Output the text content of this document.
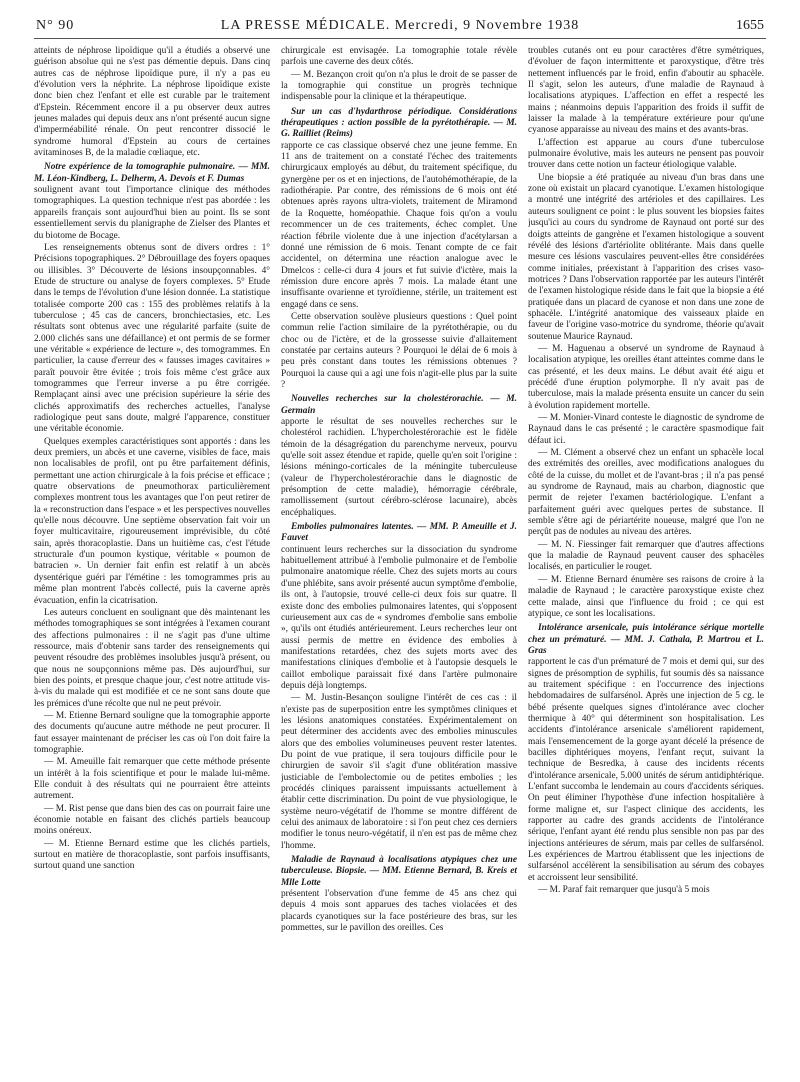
N° 90	LA PRESSE MÉDICALE. Mercredi, 9 Novembre 1938	1655

atteints de néphrose lipoïdique qu'il a étudiés a observé une guérison absolue qui ne s'est pas démentie depuis. Dans cinq autres cas de néphrose lipoïdique pure, il n'y a pas eu d'évolution vers la néphrite. La néphrose lipoïdique existe donc bien chez l'enfant et elle est curable par le traitement d'Epstein. Récemment encore il a pu observer deux autres jeunes malades qui depuis deux ans n'ont présenté aucun signe d'imperméabilité rénale. On peut rencontrer dissocié le syndrome humoral d'Epstein au cours de certaines avitaminoses B, de la maladie cœliaque, etc.

Notre expérience de la tomographie pulmonaire. — MM. M. Léon-Kindberg, L. Delherm, A. Devois et F. Dumas

soulignent avant tout l'importance clinique des méthodes tomographiques. La question technique n'est pas abordée : les appareils français sont aujourd'hui bien au point. Ils se sont essentiellement servis du planigraphe de Zielser des Plantes et du biotome de Bocage.

Les renseignements obtenus sont de divers ordres : 1° Précisions topographiques. 2° Débrouillage des foyers opaques ou illisibles. 3° Découverte de lésions insoupçonnables. 4° Etude de structure ou analyse de foyers complexes. 5° Etude dans le temps de l'évolution d'une lésion donnée. La statistique totalisée comporte 200 cas : 155 des problèmes relatifs à la tuberculose ; 45 cas de cancers, bronchiectasies, etc. Les résultats sont obtenus avec une régularité parfaite (suite de 2.000 clichés sans une défaillance) et ont permis de se former une véritable « expérience de lecture », des tomogrammes. En particulier, la cause d'erreur des « fausses images cavitaires » paraît pouvoir être évitée ; trois fois même c'est grâce aux tomogrammes que l'erreur inverse a pu être corrigée. Remplaçant ainsi avec une précision supérieure la série des clichés approximatifs des recherches actuelles, l'analyse radiologique peut sans doute, malgré l'apparence, constituer une véritable économie.

Quelques exemples caractéristiques sont apportés : dans les deux premiers, un abcès et une caverne, visibles de face, mais non localisables de profil, ont pu être parfaitement définis, permettant une action chirurgicale à la fois précise et efficace ; quatre observations de pneumothorax particulièrement complexes montrent tous les avantages que l'on peut retirer de la « reconstruction dans l'espace » et les perspectives nouvelles qu'elle nous découvre. Une septième observation fait voir un foyer multicavitaire, rigoureusement imprévisible, du côté sain, après thoracoplastie. Dans un huitième cas, c'est l'étude structurale d'un poumon kystique, véritable « poumon de batracien ». Un dernier fait enfin est relatif à un abcès dysentérique guéri par l'émétine : les tomogrammes pris au même plan montrent l'abcès collecté, puis la caverne après évacuation, enfin la cicatrisation.

Les auteurs concluent en soulignant que dès maintenant les méthodes tomographiques se sont intégrées à l'examen courant des affections pulmonaires : il ne s'agit pas d'une ultime ressource, mais d'obtenir sans tarder des renseignements qui peuvent résoudre des problèmes insolubles jusqu'à présent, ou que nous ne soupçonnions même pas. Dès aujourd'hui, sur bien des points, et presque chaque jour, c'est notre attitude vis-à-vis du malade qui est modifiée et ce ne sont sans doute que les prémices d'une récolte que nul ne peut prévoir.

— M. Etienne Bernard souligne que la tomographie apporte des documents qu'aucune autre méthode ne peut procurer. Il faut essayer maintenant de préciser les cas où l'on doit faire la tomographie.

— M. Ameuille fait remarquer que cette méthode présente un intérêt à la fois scientifique et pour le malade lui-même. Elle conduit à des résultats qui ne pourraient être atteints autrement.

— M. Rist pense que dans bien des cas on pourrait faire une économie notable en faisant des clichés partiels beaucoup moins onéreux.

— M. Etienne Bernard estime que les clichés partiels, surtout en matière de thoracoplastie, sont parfois insuffisants, surtout quand une sanction

chirurgicale est envisagée. La tomographie totale révèle parfois une caverne des deux côtés.

— M. Bezançon croit qu'on n'a plus le droit de se passer de la tomographie qui constitue un progrès technique indispensable pour la clinique et la thérapeutique.

Sur un cas d'hydarthrose périodique. Considérations thérapeutiques : action possible de la pyrétothérapie. — M. G. Railliet (Reims)

rapporte ce cas classique observé chez une jeune femme. En 11 ans de traitement on a constaté l'échec des traitements chirurgicaux employés au début, du traitement spécifique, du gynergène per os et en injections, de l'autohémothérapie, de la radiothérapie. Par contre, des rémissions de 6 mois ont été obtenues après rayons ultra-violets, traitement de Miramond de la Roquette, homéopathie. Chaque fois qu'on a voulu recommencer un de ces traitements, échec complet. Une réaction fébrile violente due à une injection d'acétylarsan a donné une rémission de 6 mois. Tenant compte de ce fait accidentel, on détermina une réaction analogue avec le Dmelcos : celle-ci dura 4 jours et fut suivie d'ictère, mais la rémission dure encore après 7 mois. La malade étant une insuffisante ovarienne et tyroïdienne, stérile, un traitement est engagé dans ce sens.

Cette observation soulève plusieurs questions : Quel point commun relie l'action similaire de la pyrétothérapie, ou du choc ou de l'ictère, et de la grossesse suivie d'allaitement constatée par certains auteurs ? Pourquoi le délai de 6 mois à peu près constant dans toutes les rémissions obtenues ? Pourquoi la cause qui a agi une fois n'agit-elle plus par la suite ?

Nouvelles recherches sur la cholestérorachie. — M. Germain

apporte le résultat de ses nouvelles recherches sur le cholestérol rachidien. L'hypercholestérorachie est le fidèle témoin de la désagrégation du parenchyme nerveux, pourvu qu'elle soit assez étendue et rapide, quelle qu'en soit l'origine : lésions méningo-corticales de la méningite tuberculeuse (valeur de l'hypercholestérorachie dans le diagnostic de présomption de cette maladie), hémorragie cérébrale, ramollissement (surtout cérébro-sclérose lacunaire), abcès encéphaliques.

Embolies pulmonaires latentes. — MM. P. Ameuille et J. Fauvet

continuent leurs recherches sur la dissociation du syndrome habituellement attribué à l'embolie pulmonaire et de l'embolie pulmonaire anatomique réelle. Chez des sujets morts au cours d'une phlébite, sans avoir présenté aucun symptôme d'embolie, ils ont, à l'autopsie, trouvé celle-ci deux fois sur quatre. Il existe donc des embolies pulmonaires latentes, qui s'opposent curieusement aux cas de « syndromes d'embolie sans embolie », qu'ils ont étudiés antérieurement. Leurs recherches leur ont aussi permis de mettre en évidence des embolies à manifestations retardées, chez des sujets morts avec des manifestations cliniques d'embolie et à l'autopsie desquels le caillot embolique paraissait fixé dans l'artère pulmonaire depuis déjà longtemps.

— M. Justin-Besançon souligne l'intérêt de ces cas : il n'existe pas de superposition entre les symptômes cliniques et les lésions anatomiques constatées. Expérimentalement on peut déterminer des accidents avec des embolies minuscules alors que des embolies volumineuses peuvent rester latentes. Du point de vue pratique, il sera toujours difficile pour le chirurgien de savoir s'il s'agit d'une oblitération massive justiciable de l'embolectomie ou de petites embolies ; les procédés cliniques paraissent impuissants actuellement à établir cette discrimination. Du point de vue physiologique, le système neuro-végétatif de l'homme se montre différent de celui des animaux de laboratoire : si l'on peut chez ces derniers modifier le tonus neuro-végétatif, il n'en est pas de même chez l'homme.

Maladie de Raynaud à localisations atypiques chez une tuberculeuse. Biopsie. — MM. Etienne Bernard, B. Kreis et Mlle Lotte

présentent l'observation d'une femme de 45 ans chez qui depuis 4 mois sont apparues des taches violacées et des placards cyanotiques sur la face postérieure des bras, sur les pommettes, sur le pavillon des oreilles. Ces

troubles cutanés ont eu pour caractères d'être symétriques, d'évoluer de façon intermittente et paroxystique, d'être très nettement influencés par le froid, enfin d'aboutir au sphacèle. Il s'agit, selon les auteurs, d'une maladie de Raynaud à localisations atypiques. L'affection en effet a respecté les mains ; néanmoins depuis l'apparition des froids il suffit de laisser la malade à la température extérieure pour qu'une cyanose apparaisse au niveau des mains et des avants-bras.

L'affection est apparue au cours d'une tuberculose pulmonaire évolutive, mais les auteurs ne pensent pas pouvoir trouver dans cette notion un facteur étiologique valable.

Une biopsie a été pratiquée au niveau d'un bras dans une zone où existait un placard cyanotique. L'examen histologique a montré une intégrité des artérioles et des capillaires. Les auteurs soulignent ce point : le plus souvent les biopsies faites jusqu'ici au cours du syndrome de Raynaud ont porté sur des doigts atteints de gangrène et l'examen histologique a souvent révélé des lésions d'artériolite oblitérante. Mais dans quelle mesure ces lésions vasculaires peuvent-elles être considérées comme initiales, préexistant à l'apparition des crises vaso-motrices ? Dans l'observation rapportée par les auteurs l'intérêt de l'examen histologique réside dans le fait que la biopsie a été pratiquée dans un placard de cyanose et non dans une zone de sphacèle. L'intégrité anatomique des vaisseaux plaide en faveur de l'origine vaso-motrice du syndrome, théorie qu'avait soutenue Maurice Raynaud.

— M. Haguenau a observé un syndrome de Raynaud à localisation atypique, les oreilles étant atteintes comme dans le cas présenté, et les deux mains. Le début avait été aigu et précédé d'une éruption polymorphe. Il n'y avait pas de tuberculose, mais la malade présenta ensuite un cancer du sein à évolution rapidement mortelle.

— M. Monier-Vinard conteste le diagnostic de syndrome de Raynaud dans le cas présenté ; le caractère spasmodique fait défaut ici.

— M. Clément a observé chez un enfant un sphacèle local des extrémités des oreilles, avec modifications analogues du côté de la cuisse, du mollet et de l'avant-bras ; il n'a pas pensé au syndrome de Raynaud, mais au charbon, diagnostic que permit de rejeter l'examen bactériologique. L'enfant a parfaitement guéri avec quelques pertes de substance. Il semble s'être agi de périartérite noueuse, malgré que l'on ne perçût pas de nodules au niveau des artères.

— M. N. Fiessinger fait remarquer que d'autres affections que la maladie de Raynaud peuvent causer des sphacèles localisés, en particulier le rouget.

— M. Etienne Bernard énumère ses raisons de croire à la maladie de Raynaud ; le caractère paroxystique existe chez cette malade, ainsi que l'influence du froid ; ce qui est atypique, ce sont les localisations.

Intolérance arsenicale, puis intolérance sérique mortelle chez un prématuré. — MM. J. Cathala, P. Martrou et L. Gras

rapportent le cas d'un prématuré de 7 mois et demi qui, sur des signes de présomption de syphilis, fut soumis dès sa naissance au traitement spécifique : en l'occurrence des injections hebdomadaires de sulfarsénol. Après une injection de 5 cg. le bébé présente quelques signes d'intolérance avec clocher thermique à 40° qui déterminent son hospitalisation. Les accidents d'intolérance arsenicale s'améliorent rapidement, mais l'ensemencement de la gorge ayant décelé la présence de bacilles diphtériques moyens, l'enfant reçut, suivant la technique de Besredka, à cause des incidents récents d'intolérance arsenicale, 5.000 unités de sérum antidiphtérique. L'enfant succomba le lendemain au cours d'accidents sériques. On peut éliminer l'hypothèse d'une infection hospitalière à forme maligne et, sur l'aspect clinique des accidents, les rapporter au cadre des grands accidents de l'intolérance sérique, l'enfant ayant été rendu plus sensible non pas par des injections antérieures de sérum, mais par celles de sulfarsénol. Les expériences de Martrou établissent que les injections de sulfarsénol accélèrent la sensibilisation au sérum des cobayes et accroissent leur sensibilité.

— M. Paraf fait remarquer que jusqu'à 5 mois
